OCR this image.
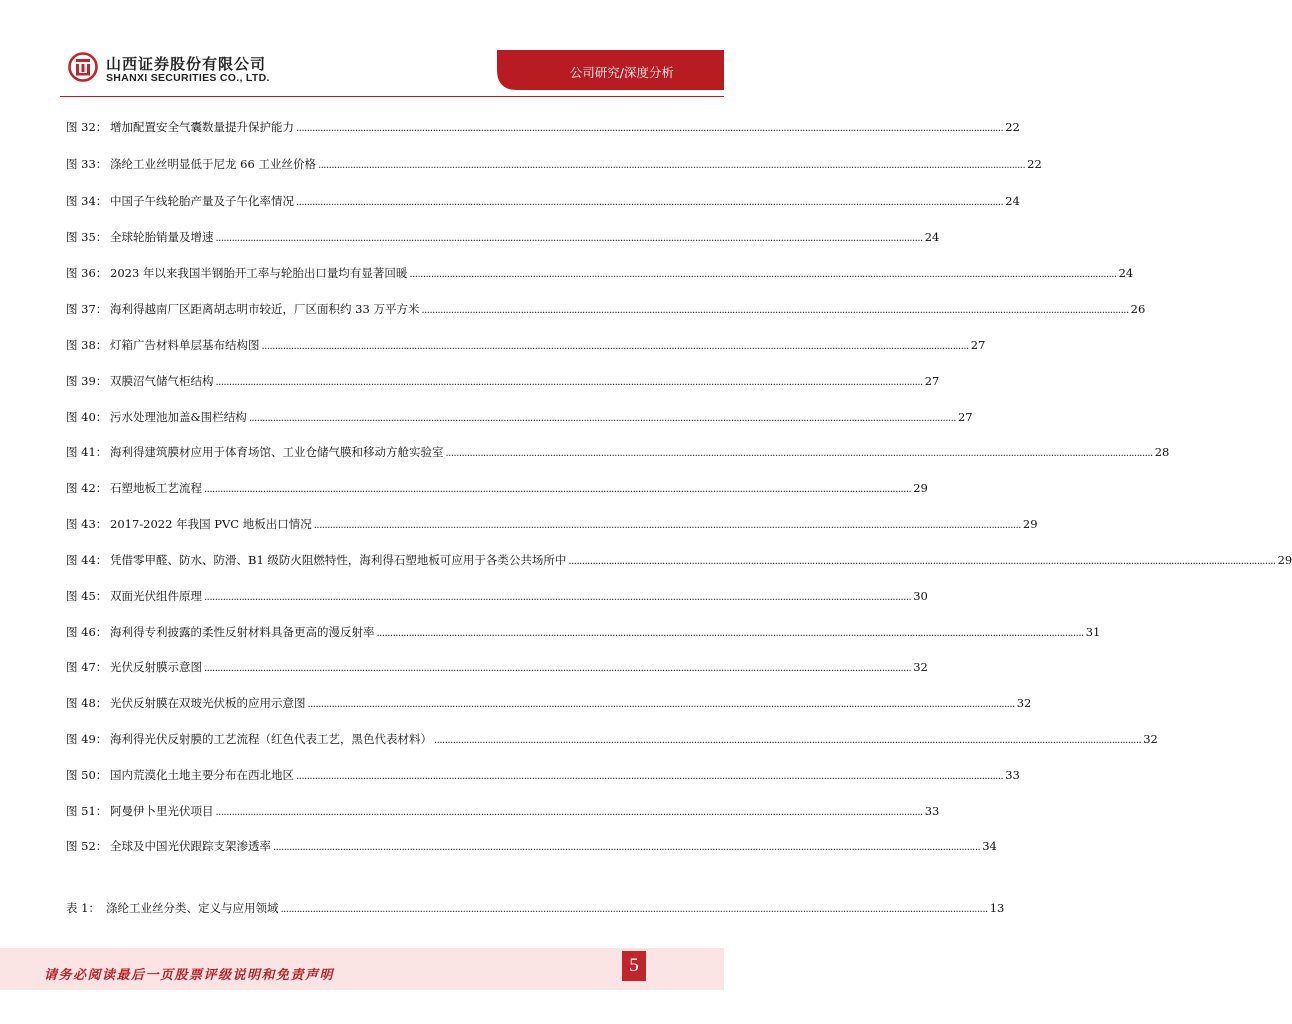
山西证券股份有限公司
SHANXI SECURITIES CO., LTD.	公司研究/深度分析
图 32： 增加配置安全气囊数量提升保护能力 .....	22
图 33： 涤纶工业丝明显低于尼龙 66 工业丝价格 .....	22
图 34： 中国子午线轮胎产量及子午化率情况 .....	24
图 35： 全球轮胎销量及增速 .....	24
图 36： 2023 年以来我国半钢胎开工率与轮胎出口量均有显著回暖 .....	24
图 37： 海利得越南厂区距离胡志明市较近，厂区面积约 33 万平方米 .....	26
图 38： 灯箱广告材料单层基布结构图 .....	27
图 39： 双膜沼气储气柜结构 .....	27
图 40： 污水处理池加盖&围栏结构 .....	27
图 41： 海利得建筑膜材应用于体育场馆、工业仓储气膜和移动方舱实验室 .....	28
图 42： 石塑地板工艺流程 .....	29
图 43： 2017-2022 年我国 PVC 地板出口情况 .....	29
图 44： 凭借零甲醛、防水、防滑、B1 级防火阻燃特性，海利得石塑地板可应用于各类公共场所中 .....	29
图 45： 双面光伏组件原理 .....	30
图 46： 海利得专利披露的柔性反射材料具备更高的漫反射率 .....	31
图 47： 光伏反射膜示意图 .....	32
图 48： 光伏反射膜在双玻光伏板的应用示意图 .....	32
图 49： 海利得光伏反射膜的工艺流程（红色代表工艺，黑色代表材料） .....	32
图 50： 国内荒漠化土地主要分布在西北地区 .....	33
图 51： 阿曼伊卜里光伏项目 .....	33
图 52： 全球及中国光伏跟踪支架渗透率 .....	34
表 1： 涤纶工业丝分类、定义与应用领域 .....	13
请务必阅读最后一页股票评级说明和免责声明	5
